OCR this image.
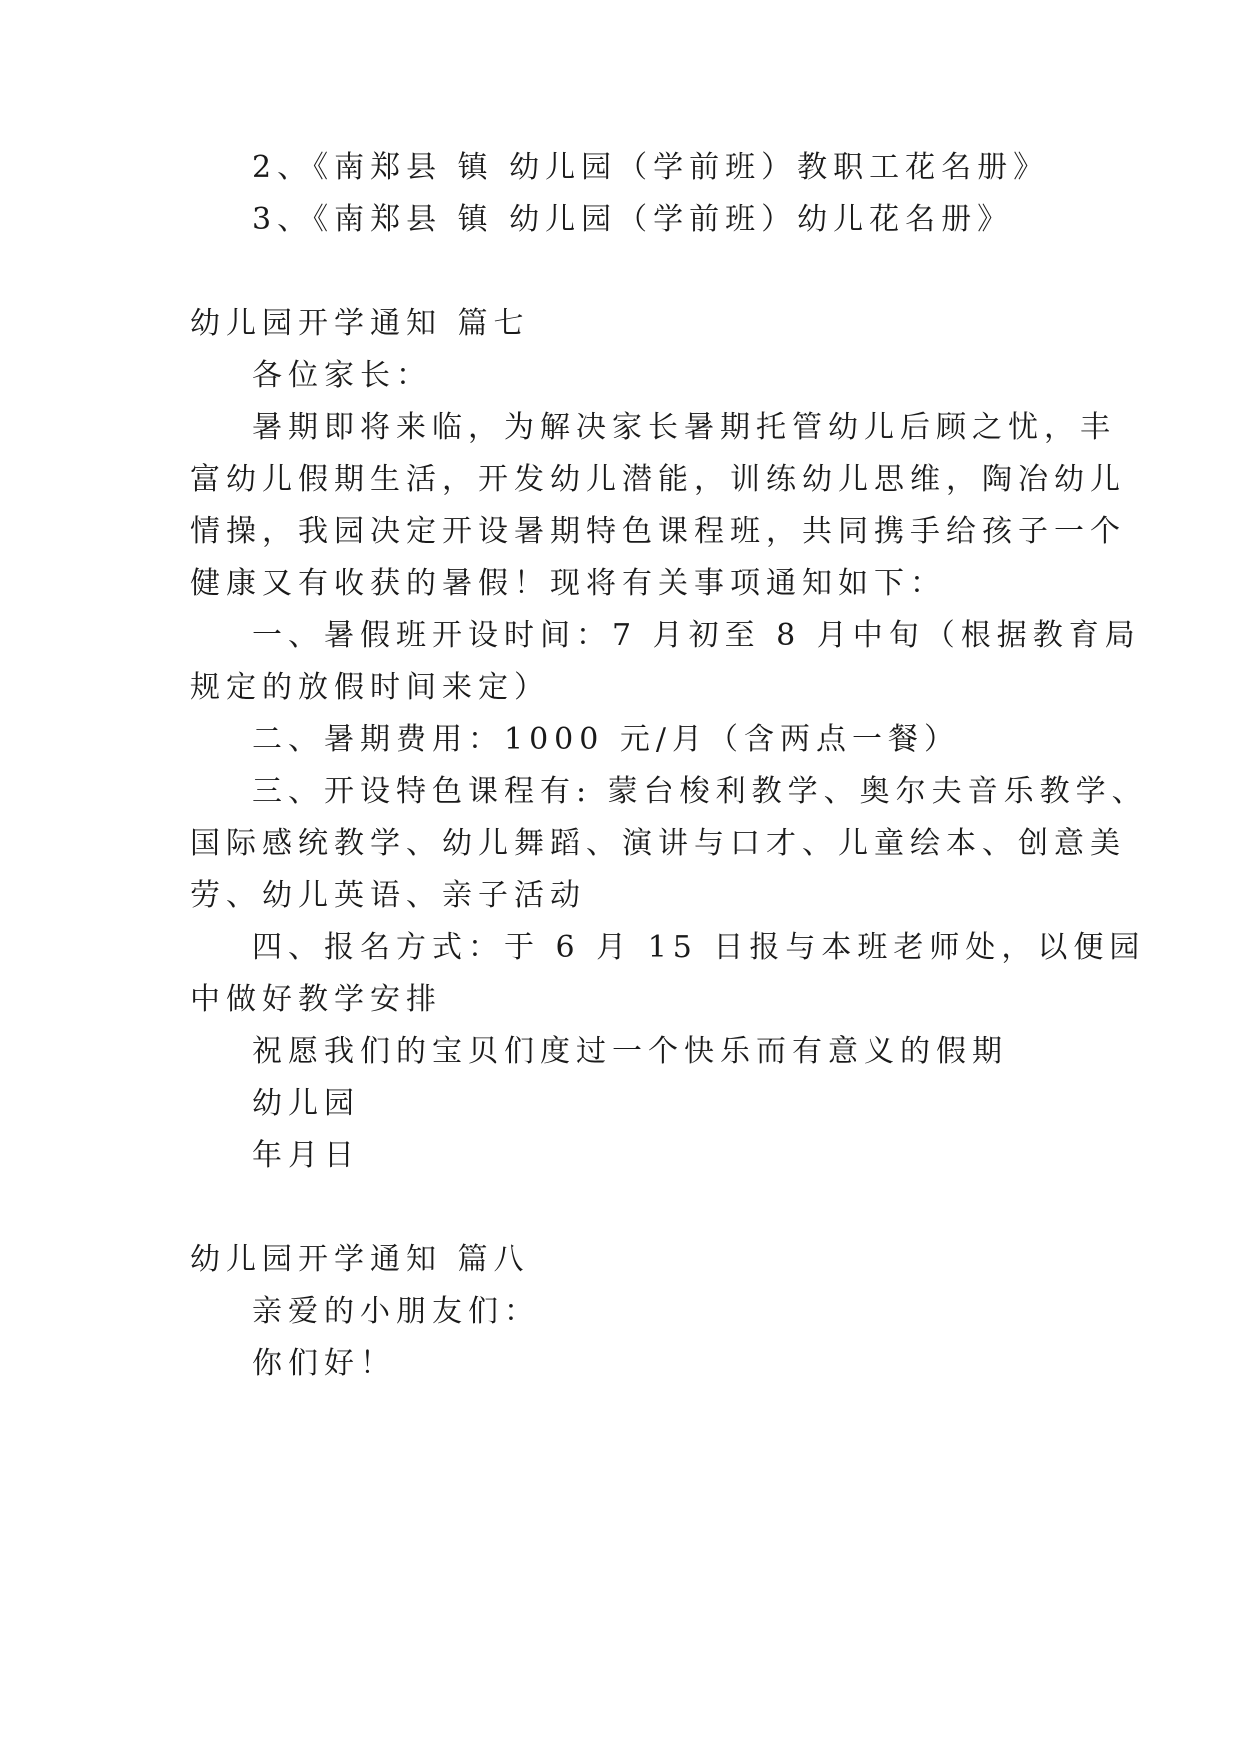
2、《南郑县 镇 幼儿园（学前班）教职工花名册》
3、《南郑县 镇 幼儿园（学前班）幼儿花名册》
幼儿园开学通知 篇七
各位家长：
暑期即将来临，为解决家长暑期托管幼儿后顾之忧，丰
富幼儿假期生活，开发幼儿潜能，训练幼儿思维，陶冶幼儿
情操，我园决定开设暑期特色课程班，共同携手给孩子一个
健康又有收获的暑假！现将有关事项通知如下：
一、暑假班开设时间：7 月初至 8 月中旬（根据教育局
规定的放假时间来定）
二、暑期费用：1000 元/月（含两点一餐）
三、开设特色课程有: 蒙台梭利教学、奥尔夫音乐教学、
国际感统教学、幼儿舞蹈、演讲与口才、儿童绘本、创意美
劳、幼儿英语、亲子活动
四、报名方式：于 6 月 15 日报与本班老师处，以便园
中做好教学安排
祝愿我们的宝贝们度过一个快乐而有意义的假期
幼儿园
年月日
幼儿园开学通知 篇八
亲爱的小朋友们：
你们好！
